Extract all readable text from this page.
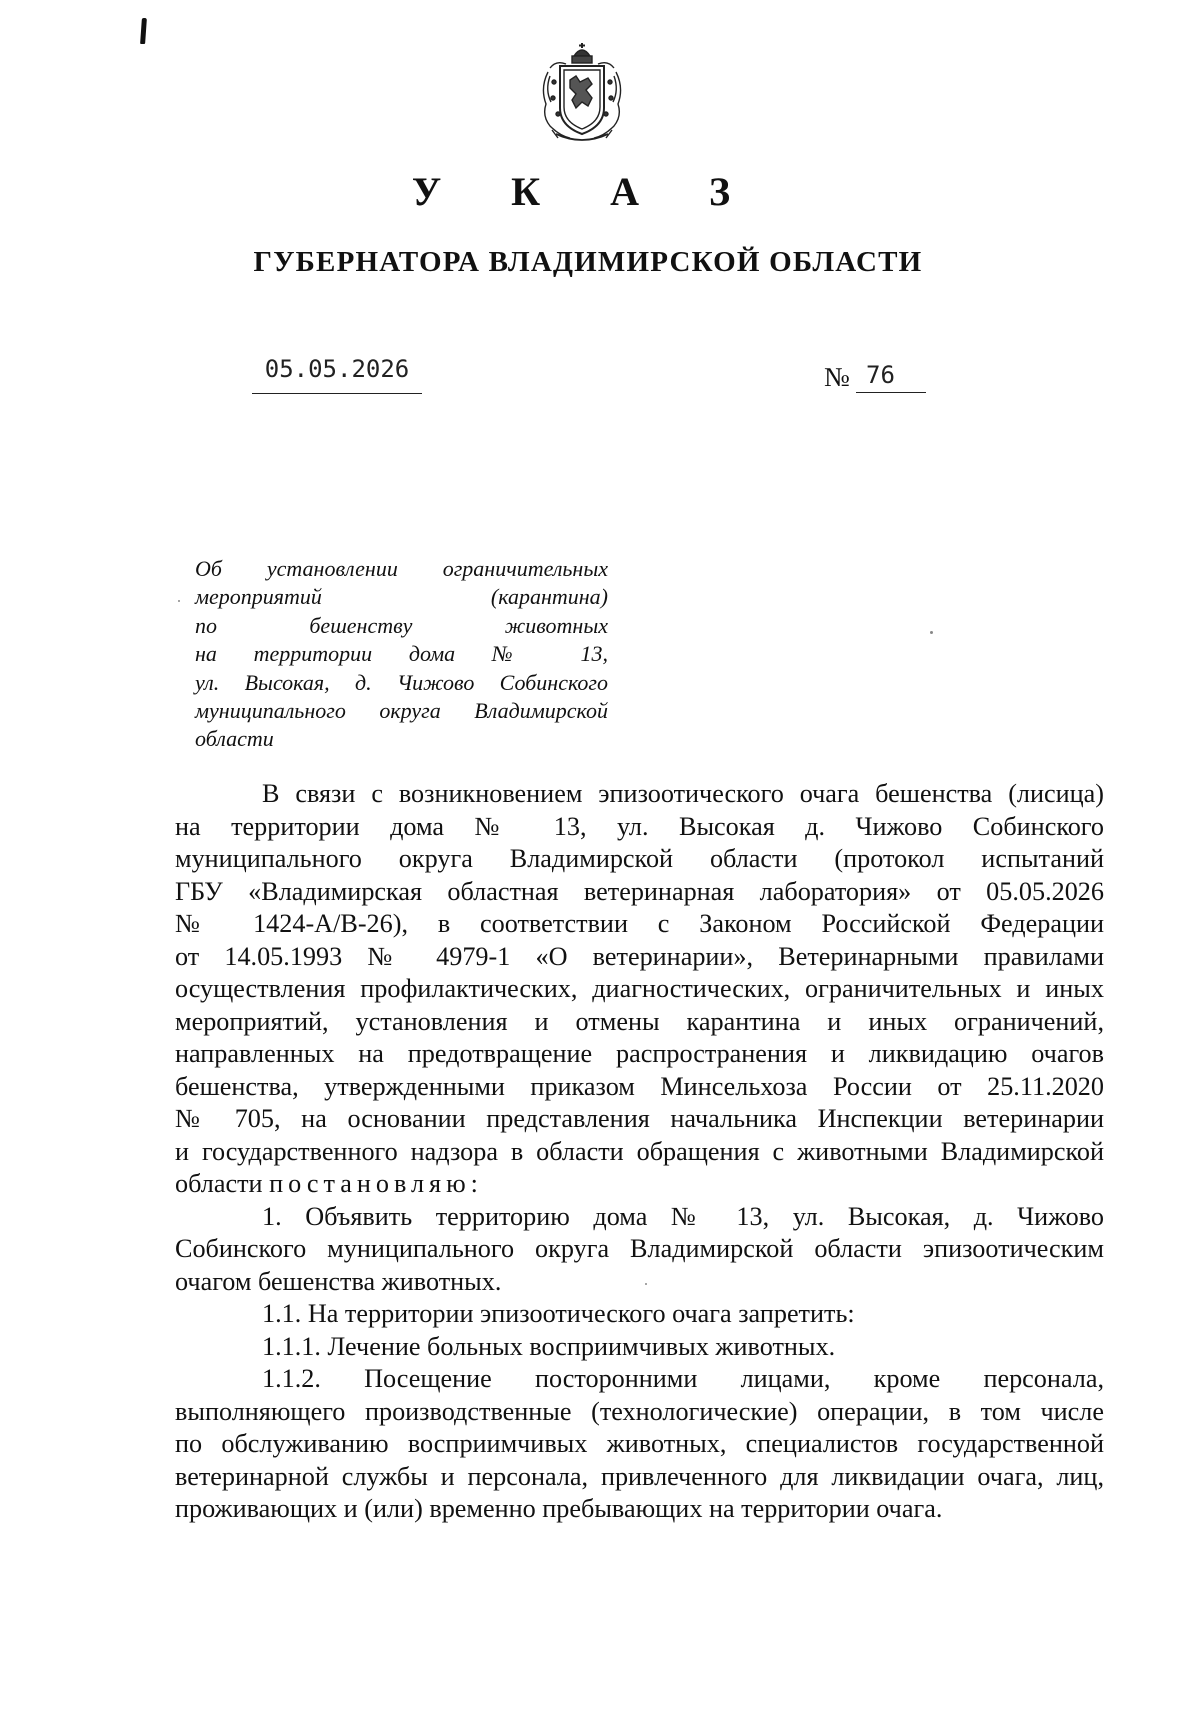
У К А З
ГУБЕРНАТОРА ВЛАДИМИРСКОЙ ОБЛАСТИ
05.05.2026	№ 76
Об установлении ограничительных
мероприятий (карантина)
по бешенству животных
на территории дома № 13,
ул. Высокая, д. Чижово Собинского
муниципального округа Владимирской
области
В связи с возникновением эпизоотического очага бешенства (лисица)
на территории дома № 13, ул. Высокая д. Чижово Собинского
муниципального округа Владимирской области (протокол испытаний
ГБУ «Владимирская областная ветеринарная лаборатория» от 05.05.2026
№ 1424-А/В-26), в соответствии с Законом Российской Федерации
от 14.05.1993 № 4979-1 «О ветеринарии», Ветеринарными правилами
осуществления профилактических, диагностических, ограничительных и иных
мероприятий, установления и отмены карантина и иных ограничений,
направленных на предотвращение распространения и ликвидацию очагов
бешенства, утвержденными приказом Минсельхоза России от 25.11.2020
№ 705, на основании представления начальника Инспекции ветеринарии
и государственного надзора в области обращения с животными Владимирской
области постановляю:
1. Объявить территорию дома № 13, ул. Высокая, д. Чижово
Собинского муниципального округа Владимирской области эпизоотическим
очагом бешенства животных.
1.1. На территории эпизоотического очага запретить:
1.1.1. Лечение больных восприимчивых животных.
1.1.2. Посещение посторонними лицами, кроме персонала,
выполняющего производственные (технологические) операции, в том числе
по обслуживанию восприимчивых животных, специалистов государственной
ветеринарной службы и персонала, привлеченного для ликвидации очага, лиц,
проживающих и (или) временно пребывающих на территории очага.
